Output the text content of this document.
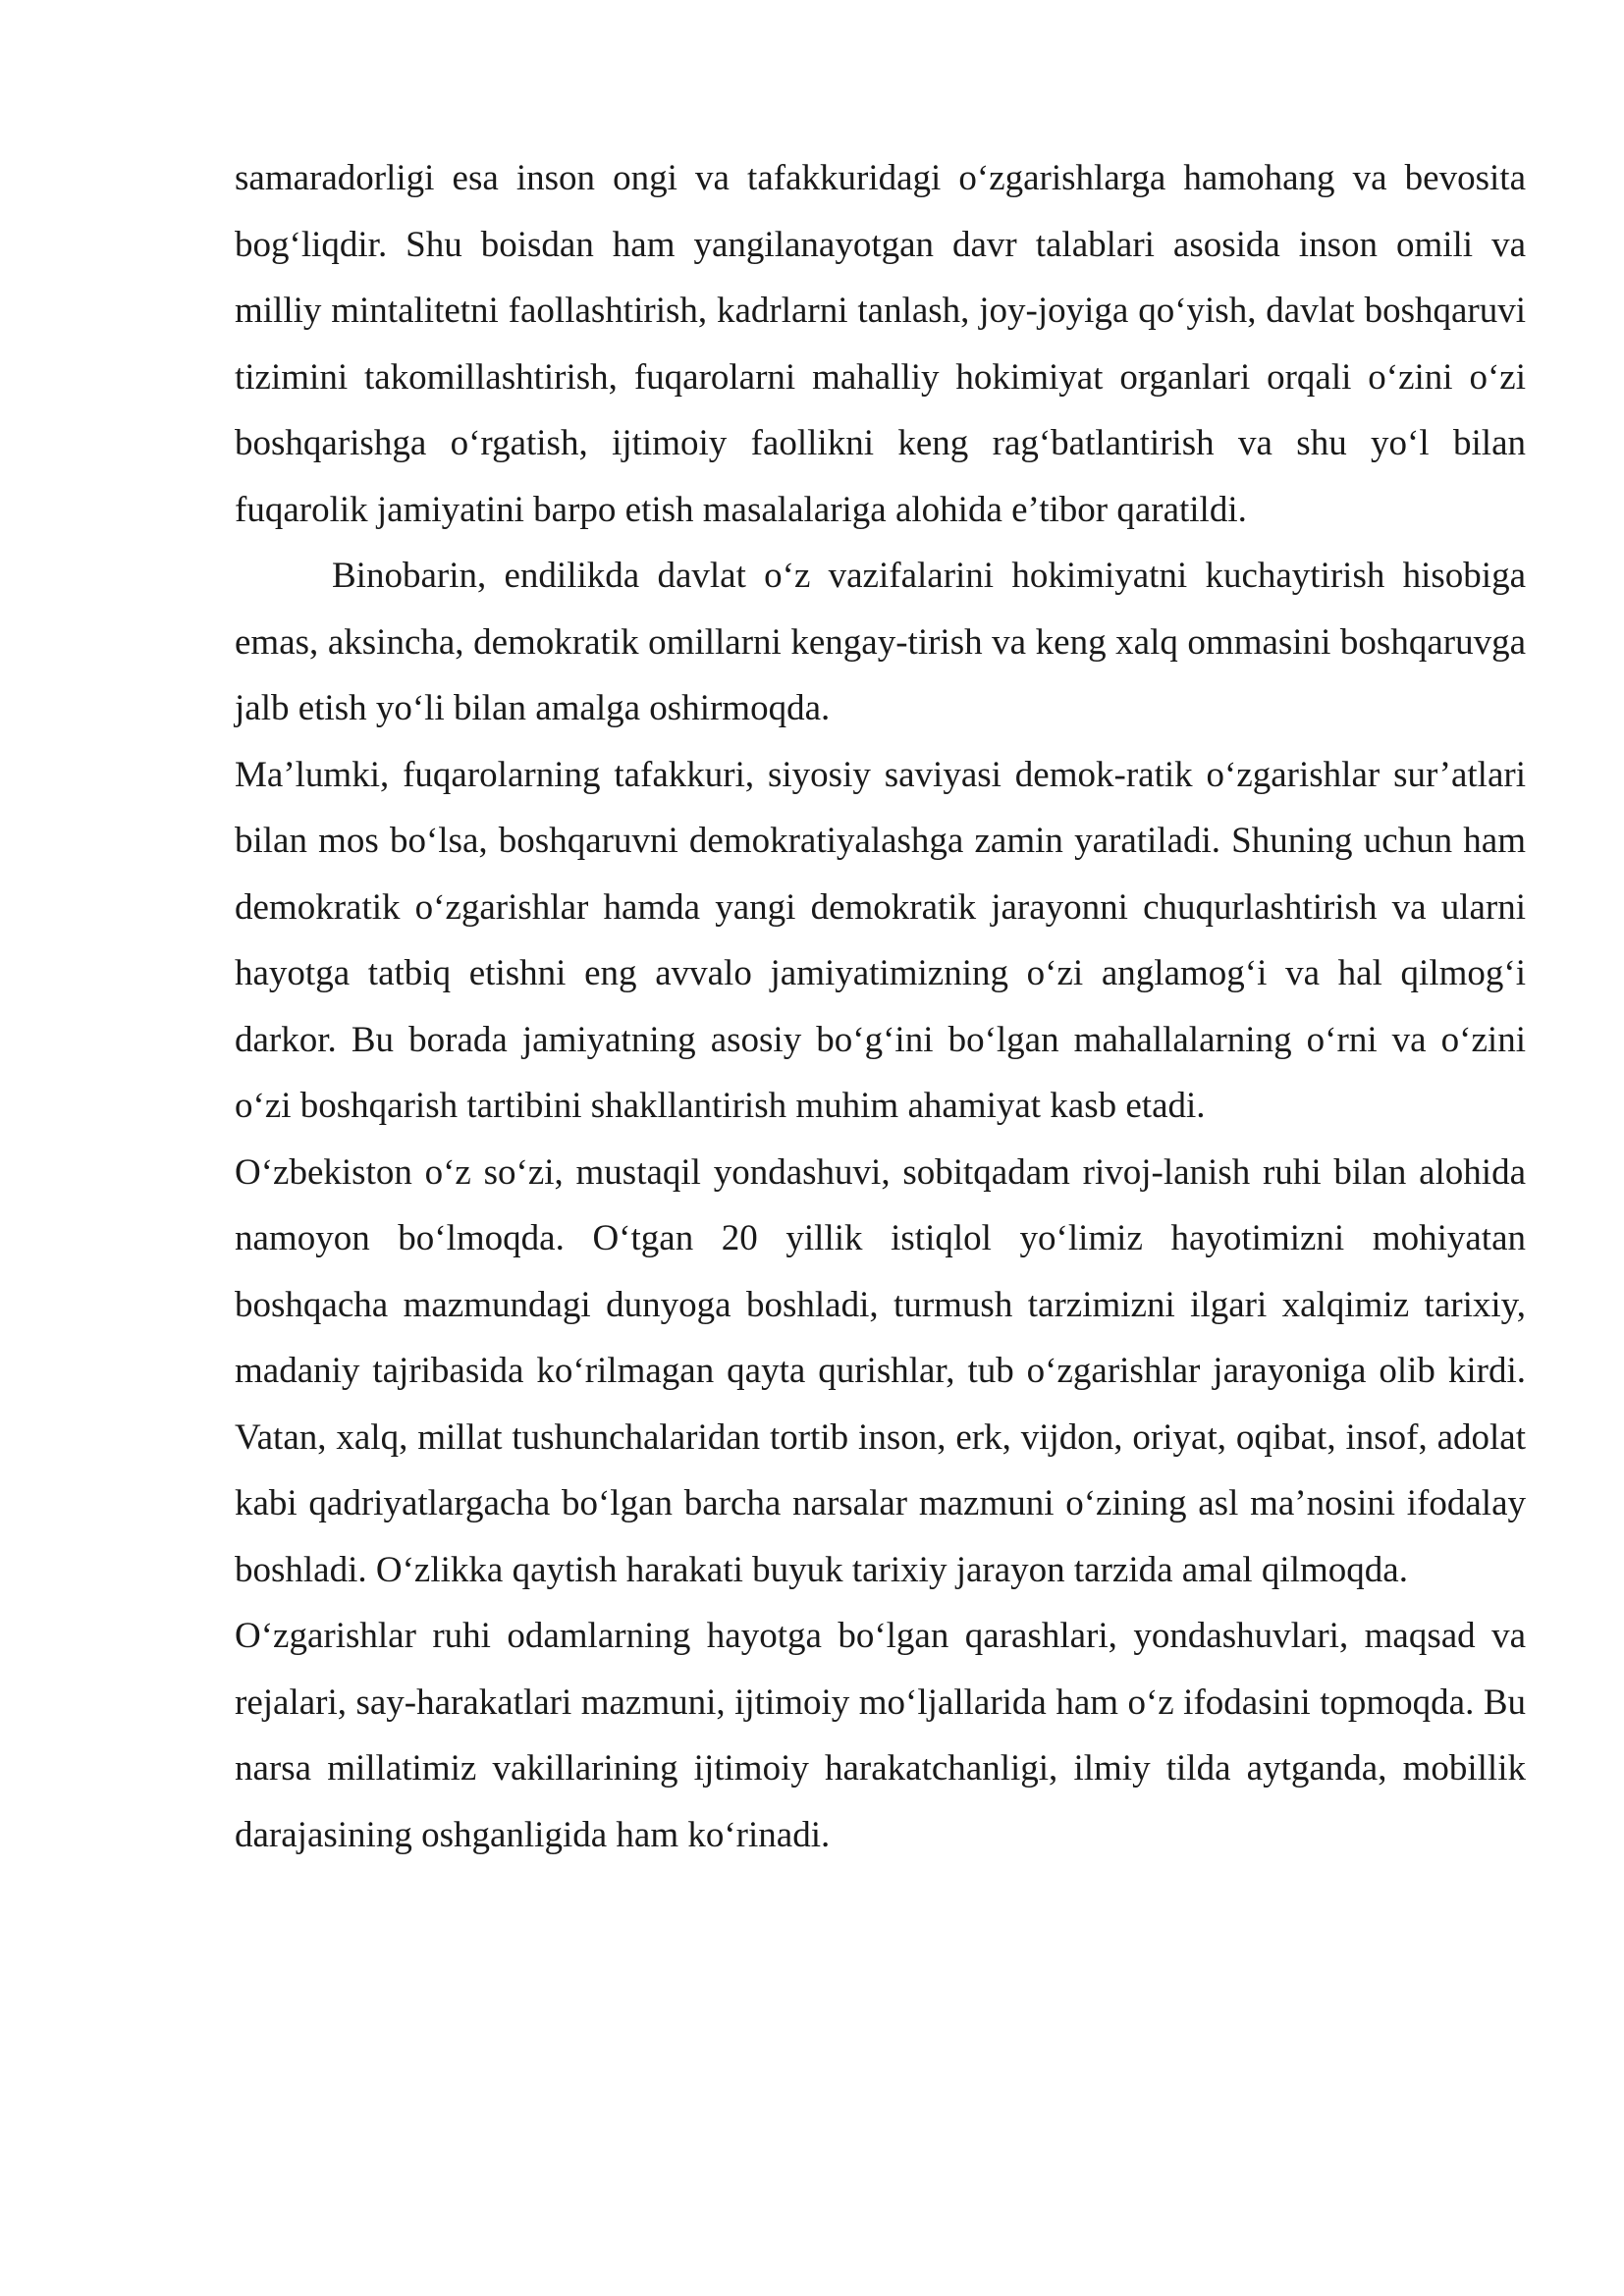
samaradorligi esa inson ongi va tafakkuridagi o‘zgarishlarga hamohang va bevosita bog‘liqdir. Shu boisdan ham yangilanayotgan davr talablari asosida inson omili va milliy mintalitetni faollashtirish, kadrlarni tanlash, joy-joyiga qo‘yish, davlat boshqaruvi tizimini takomillashtirish, fuqarolarni mahalliy hokimiyat organlari orqali o‘zini o‘zi boshqarishga o‘rgatish, ijtimoiy faollikni keng rag‘batlantirish va shu yo‘l bilan fuqarolik jamiyatini barpo etish masalalariga alohida e’tibor qaratildi.

Binobarin, endilikda davlat o‘z vazifalarini hokimiyatni kuchaytirish hisobiga emas, aksincha, demokratik omillarni kengay-tirish va keng xalq ommasini boshqaruvga jalb etish yo‘li bilan amalga oshirmoqda.

Ma’lumki, fuqarolarning tafakkuri, siyosiy saviyasi demok-ratik o‘zgarishlar sur’atlari bilan mos bo‘lsa, boshqaruvni demokratiyalashga zamin yaratiladi. Shuning uchun ham demokratik o‘zgarishlar hamda yangi demokratik jarayonni chuqurlashtirish va ularni hayotga tatbiq etishni eng avvalo jamiyatimizning o‘zi anglamog‘i va hal qilmog‘i darkor. Bu borada jamiyatning asosiy bo‘g‘ini bo‘lgan mahallalarning o‘rni va o‘zini o‘zi boshqarish tartibini shakllantirish muhim ahamiyat kasb etadi.

O‘zbekiston o‘z so‘zi, mustaqil yondashuvi, sobitqadam rivoj-lanish ruhi bilan alohida namoyon bo‘lmoqda. O‘tgan 20 yillik istiqlol yo‘limiz hayotimizni mohiyatan boshqacha mazmundagi dunyoga boshladi, turmush tarzimizni ilgari xalqimiz tarixiy, madaniy tajribasida ko‘rilmagan qayta qurishlar, tub o‘zgarishlar jarayoniga olib kirdi. Vatan, xalq, millat tushunchalaridan tortib inson, erk, vijdon, oriyat, oqibat, insof, adolat kabi qadriyatlargacha bo‘lgan barcha narsalar mazmuni o‘zining asl ma’nosini ifodalay boshladi. O‘zlikka qaytish harakati buyuk tarixiy jarayon tarzida amal qilmoqda.

O‘zgarishlar ruhi odamlarning hayotga bo‘lgan qarashlari, yondashuvlari, maqsad va rejalari, say-harakatlari mazmuni, ijtimoiy mo‘ljallarida ham o‘z ifodasini topmoqda. Bu narsa millatimiz vakillarining ijtimoiy harakatchanligi, ilmiy tilda aytganda, mobillik darajasining oshganligida ham ko‘rinadi.
